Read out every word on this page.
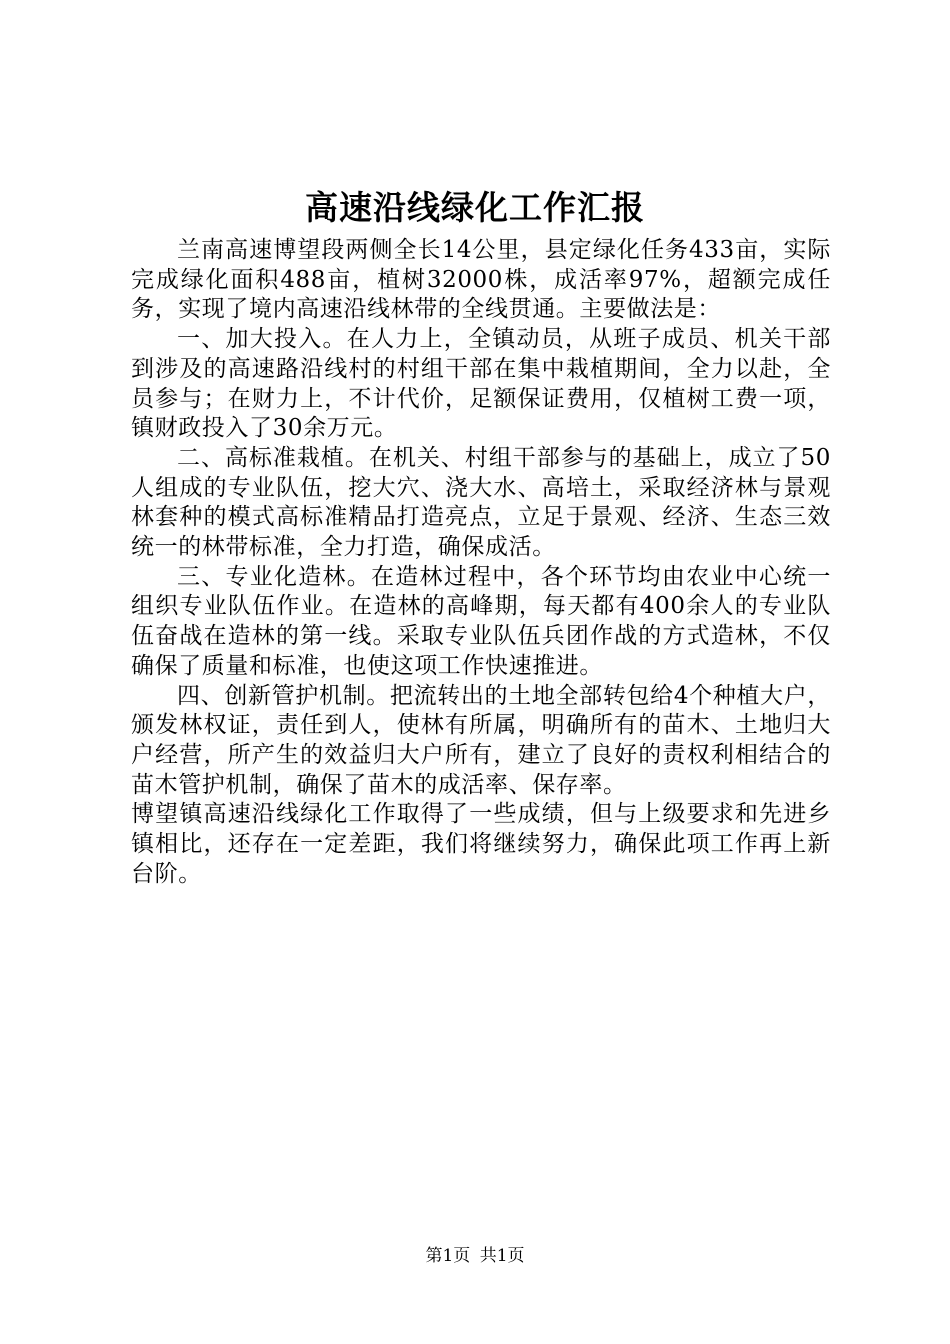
高速沿线绿化工作汇报

兰南高速博望段两侧全长14公里，县定绿化任务433亩，实际完成绿化面积488亩，植树32000株，成活率97%，超额完成任务，实现了境内高速沿线林带的全线贯通。主要做法是：

一、加大投入。在人力上，全镇动员，从班子成员、机关干部到涉及的高速路沿线村的村组干部在集中栽植期间，全力以赴，全员参与；在财力上，不计代价，足额保证费用，仅植树工费一项，镇财政投入了30余万元。

二、高标准栽植。在机关、村组干部参与的基础上，成立了50人组成的专业队伍，挖大穴、浇大水、高培土，采取经济林与景观林套种的模式高标准精品打造亮点，立足于景观、经济、生态三效统一的林带标准，全力打造，确保成活。

三、专业化造林。在造林过程中，各个环节均由农业中心统一组织专业队伍作业。在造林的高峰期，每天都有400余人的专业队伍奋战在造林的第一线。采取专业队伍兵团作战的方式造林，不仅确保了质量和标准，也使这项工作快速推进。

四、创新管护机制。把流转出的土地全部转包给4个种植大户，颁发林权证，责任到人，使林有所属，明确所有的苗木、土地归大户经营，所产生的效益归大户所有，建立了良好的责权利相结合的苗木管护机制，确保了苗木的成活率、保存率。

博望镇高速沿线绿化工作取得了一些成绩，但与上级要求和先进乡镇相比，还存在一定差距，我们将继续努力，确保此项工作再上新台阶。

第1页 共1页
